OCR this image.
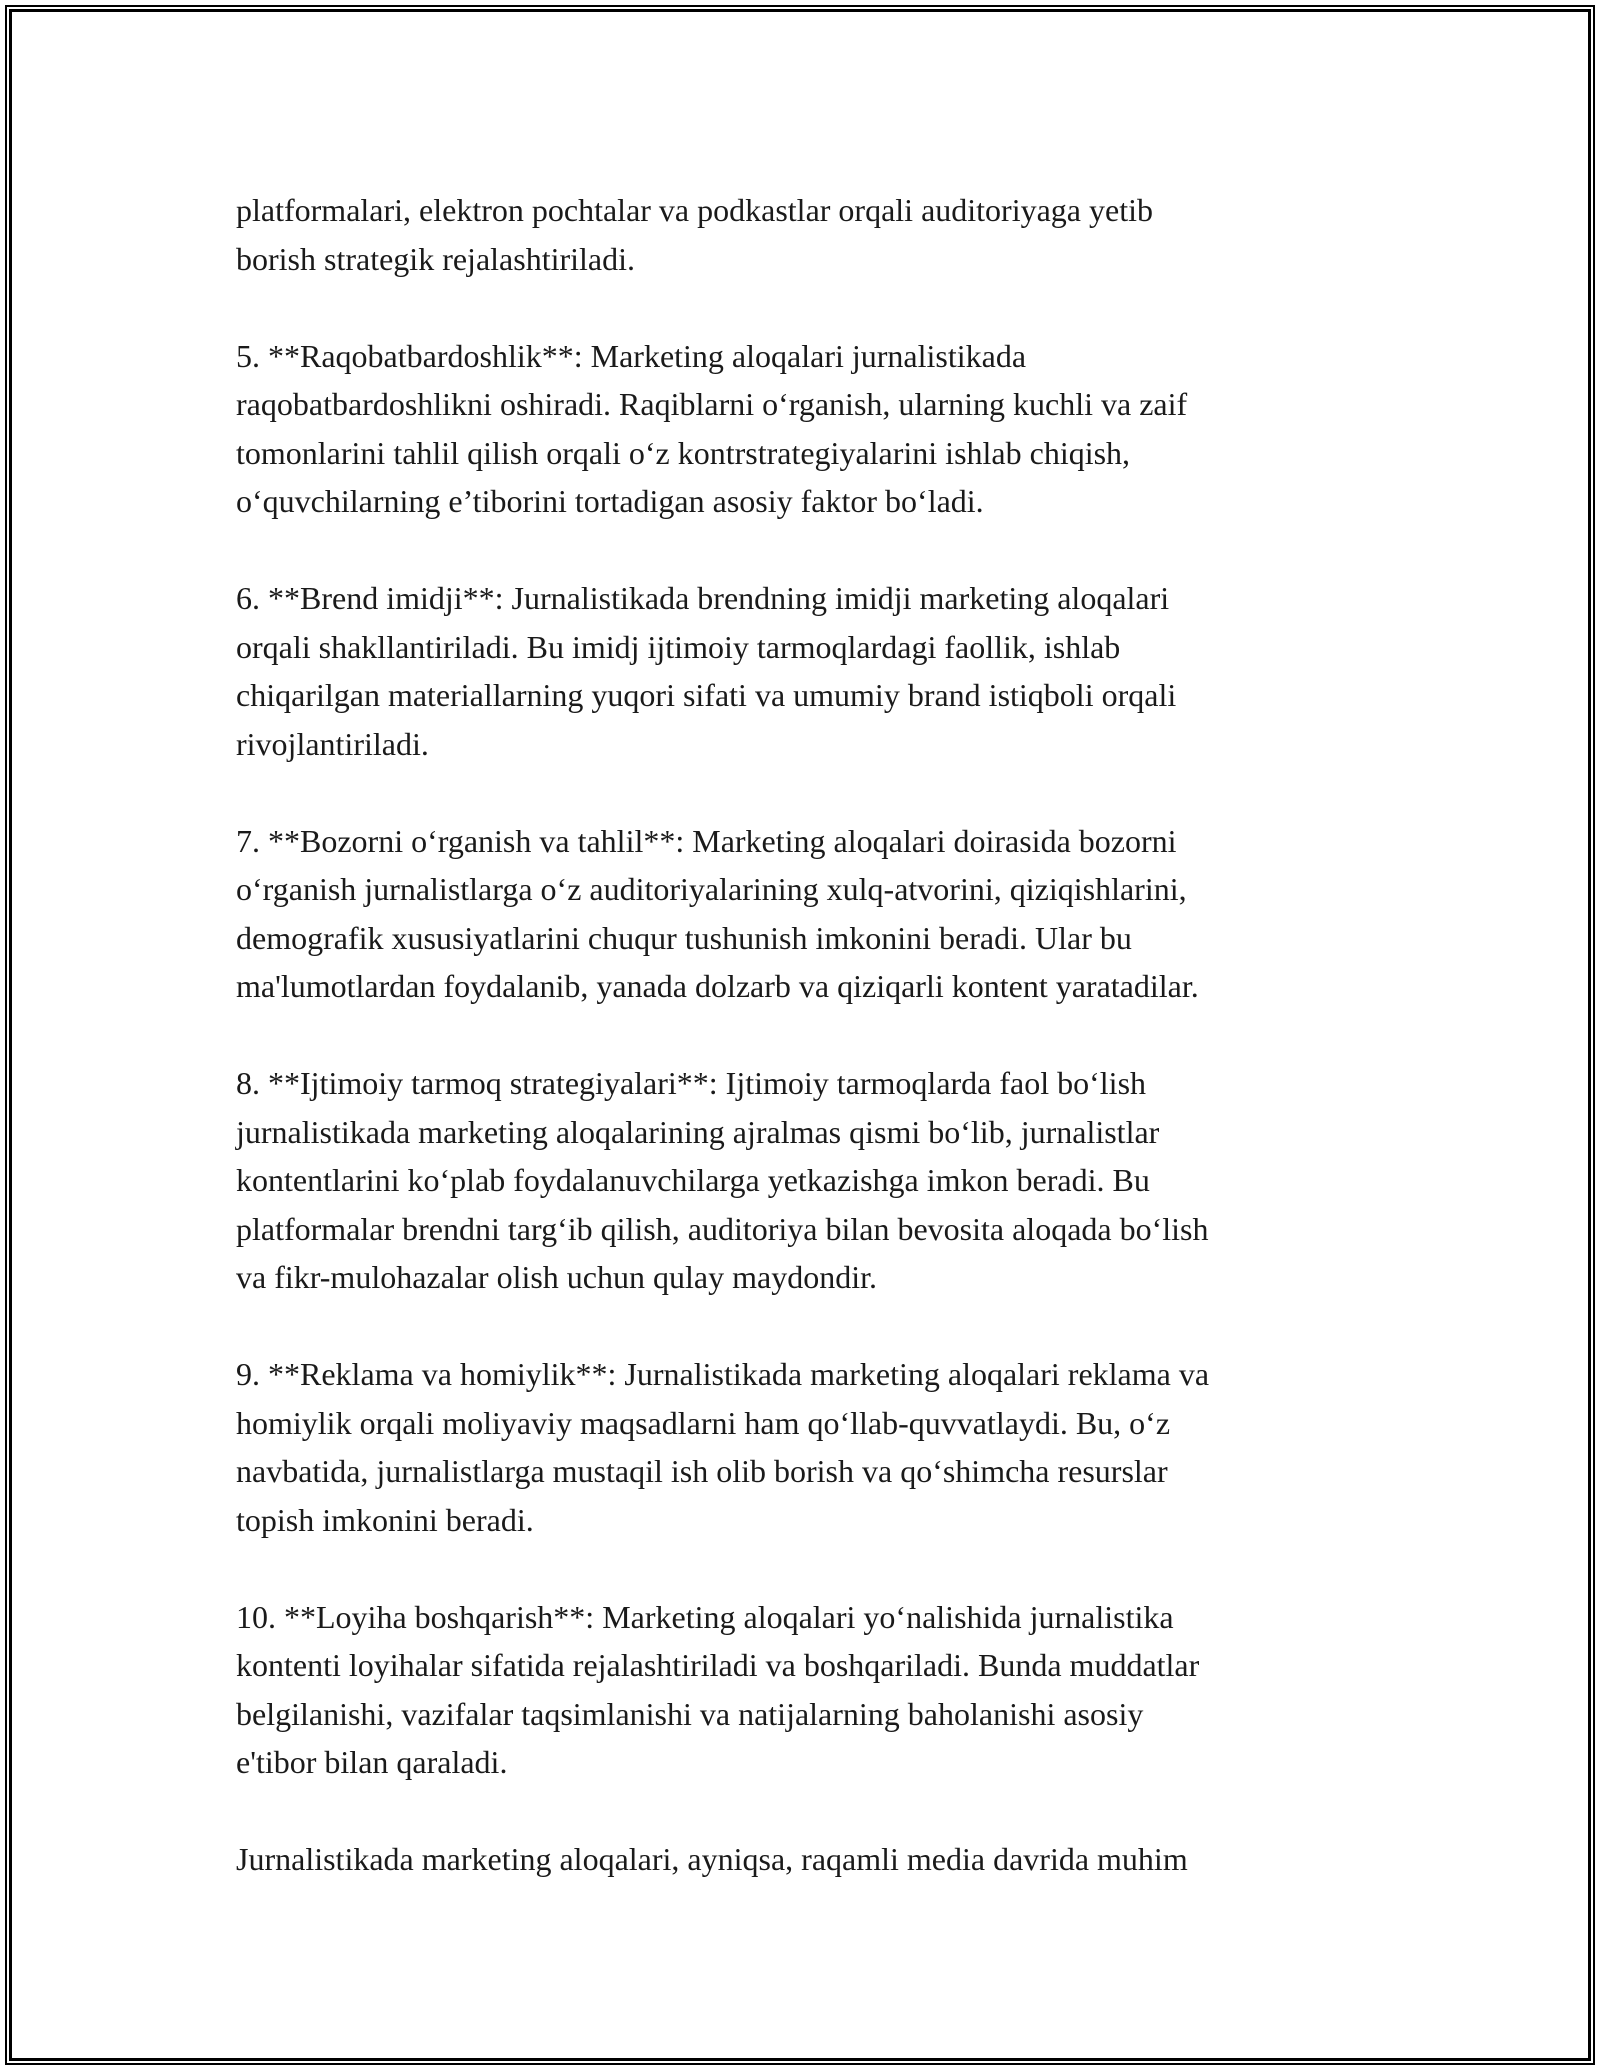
platformalari, elektron pochtalar va podkastlar orqali auditoriyaga yetib
borish strategik rejalashtiriladi.

5. **Raqobatbardoshlik**: Marketing aloqalari jurnalistikada
raqobatbardoshlikni oshiradi. Raqiblarni o‘rganish, ularning kuchli va zaif
tomonlarini tahlil qilish orqali o‘z kontrstrategiyalarini ishlab chiqish,
o‘quvchilarning e’tiborini tortadigan asosiy faktor bo‘ladi.

6. **Brend imidji**: Jurnalistikada brendning imidji marketing aloqalari
orqali shakllantiriladi. Bu imidj ijtimoiy tarmoqlardagi faollik, ishlab
chiqarilgan materiallarning yuqori sifati va umumiy brand istiqboli orqali
rivojlantiriladi.

7. **Bozorni o‘rganish va tahlil**: Marketing aloqalari doirasida bozorni
o‘rganish jurnalistlarga o‘z auditoriyalarining xulq-atvorini, qiziqishlarini,
demografik xususiyatlarini chuqur tushunish imkonini beradi. Ular bu
ma'lumotlardan foydalanib, yanada dolzarb va qiziqarli kontent yaratadilar.

8. **Ijtimoiy tarmoq strategiyalari**: Ijtimoiy tarmoqlarda faol bo‘lish
jurnalistikada marketing aloqalarining ajralmas qismi bo‘lib, jurnalistlar
kontentlarini ko‘plab foydalanuvchilarga yetkazishga imkon beradi. Bu
platformalar brendni targ‘ib qilish, auditoriya bilan bevosita aloqada bo‘lish
va fikr-mulohazalar olish uchun qulay maydondir.

9. **Reklama va homiylik**: Jurnalistikada marketing aloqalari reklama va
homiylik orqali moliyaviy maqsadlarni ham qo‘llab-quvvatlaydi. Bu, o‘z
navbatida, jurnalistlarga mustaqil ish olib borish va qo‘shimcha resurslar
topish imkonini beradi.

10. **Loyiha boshqarish**: Marketing aloqalari yo‘nalishida jurnalistika
kontenti loyihalar sifatida rejalashtiriladi va boshqariladi. Bunda muddatlar
belgilanishi, vazifalar taqsimlanishi va natijalarning baholanishi asosiy
e'tibor bilan qaraladi.

Jurnalistikada marketing aloqalari, ayniqsa, raqamli media davrida muhim
